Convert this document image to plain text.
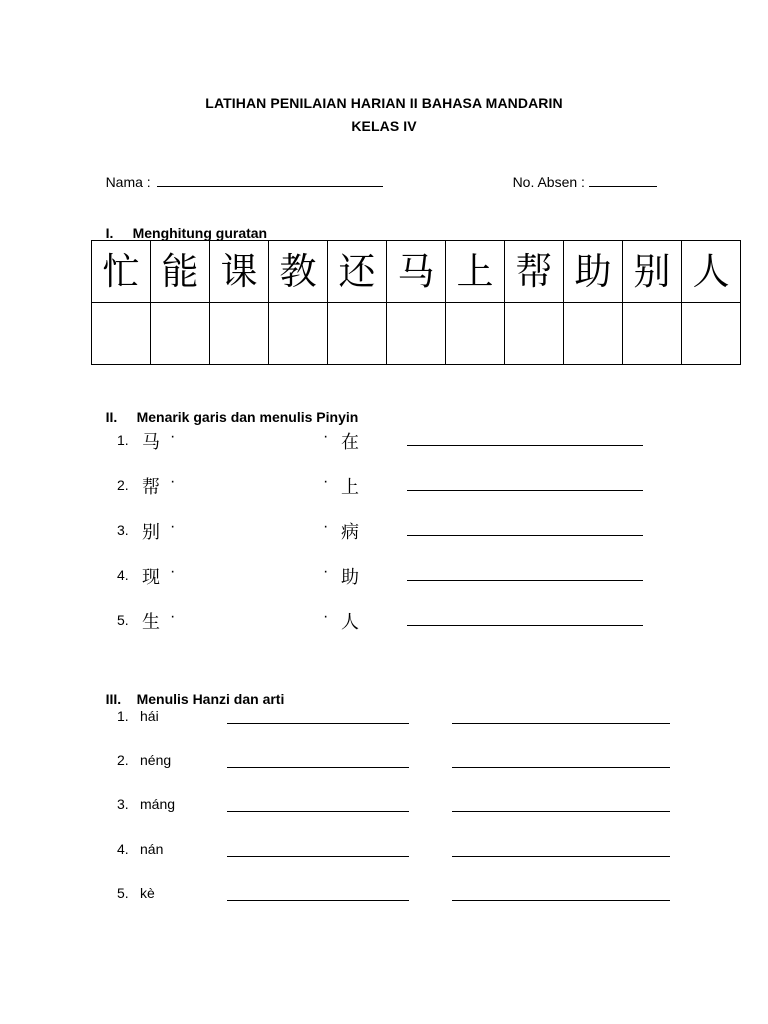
LATIHAN PENILAIAN HARIAN II BAHASA MANDARIN
KELAS IV

Nama :
	No. Absen :

I. Menghitung guratan

忙	能	课	教	还	马	上	帮	助	别	人

II. Menarik garis dan menulis Pinyin

1. 马 ·	· 在
2. 帮 ·	· 上
3. 别 ·	· 病
4. 现 ·	· 助
5. 生 ·	· 人

III. Menulis Hanzi dan arti

1. hái
2. néng
3. máng
4. nán
5. kè
